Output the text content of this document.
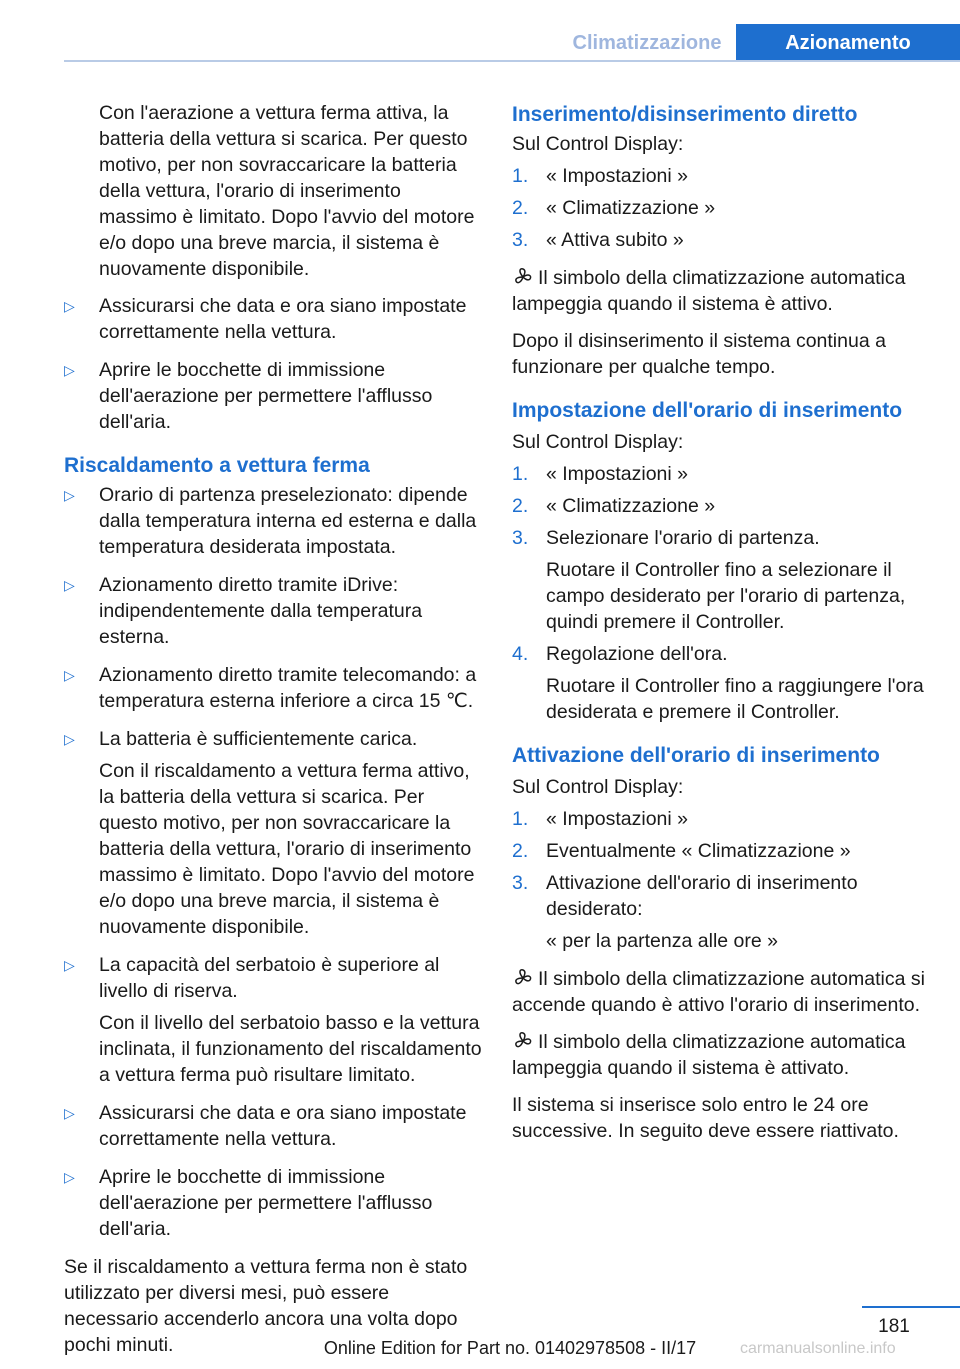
Climatizzazione	Azionamento

Con l'aerazione a vettura ferma attiva, la batteria della vettura si scarica. Per questo motivo, per non sovraccaricare la batteria della vettura, l'orario di inserimento massimo è limitato. Dopo l'avvio del motore e/o dopo una breve marcia, il sistema è nuovamente disponibile.

▷ Assicurarsi che data e ora siano impostate correttamente nella vettura.

▷ Aprire le bocchette di immissione dell'aerazione per permettere l'afflusso dell'aria.

Riscaldamento a vettura ferma
▷ Orario di partenza preselezionato: dipende dalla temperatura interna ed esterna e dalla temperatura desiderata impostata.

▷ Azionamento diretto tramite iDrive: indipendentemente dalla temperatura esterna.

▷ Azionamento diretto tramite telecomando: a temperatura esterna inferiore a circa 15 ℃.

▷ La batteria è sufficientemente carica.

Con il riscaldamento a vettura ferma attivo, la batteria della vettura si scarica. Per questo motivo, per non sovraccaricare la batteria della vettura, l'orario di inserimento massimo è limitato. Dopo l'avvio del motore e/o dopo una breve marcia, il sistema è nuovamente disponibile.

▷ La capacità del serbatoio è superiore al livello di riserva.

Con il livello del serbatoio basso e la vettura inclinata, il funzionamento del riscaldamento a vettura ferma può risultare limitato.

▷ Assicurarsi che data e ora siano impostate correttamente nella vettura.

▷ Aprire le bocchette di immissione dell'aerazione per permettere l'afflusso dell'aria.

Se il riscaldamento a vettura ferma non è stato utilizzato per diversi mesi, può essere necessario accenderlo ancora una volta dopo pochi minuti.

Inserimento/disinserimento diretto

Sul Control Display:

1. « Impostazioni »

2. « Climatizzazione »

3. « Attiva subito »

Il simbolo della climatizzazione automatica lampeggia quando il sistema è attivo.

Dopo il disinserimento il sistema continua a funzionare per qualche tempo.

Impostazione dell'orario di inserimento

Sul Control Display:

1. « Impostazioni »

2. « Climatizzazione »

3. Selezionare l'orario di partenza.

Ruotare il Controller fino a selezionare il campo desiderato per l'orario di partenza, quindi premere il Controller.

4. Regolazione dell'ora.

Ruotare il Controller fino a raggiungere l'ora desiderata e premere il Controller.

Attivazione dell'orario di inserimento

Sul Control Display:

1. « Impostazioni »

2. Eventualmente « Climatizzazione »

3. Attivazione dell'orario di inserimento desiderato:

« per la partenza alle ore »

Il simbolo della climatizzazione automatica si accende quando è attivo l'orario di inserimento.

Il simbolo della climatizzazione automatica lampeggia quando il sistema è attivato.

Il sistema si inserisce solo entro le 24 ore successive. In seguito deve essere riattivato.

181
Online Edition for Part no. 01402978508 - II/17	carmanualsonline.info
